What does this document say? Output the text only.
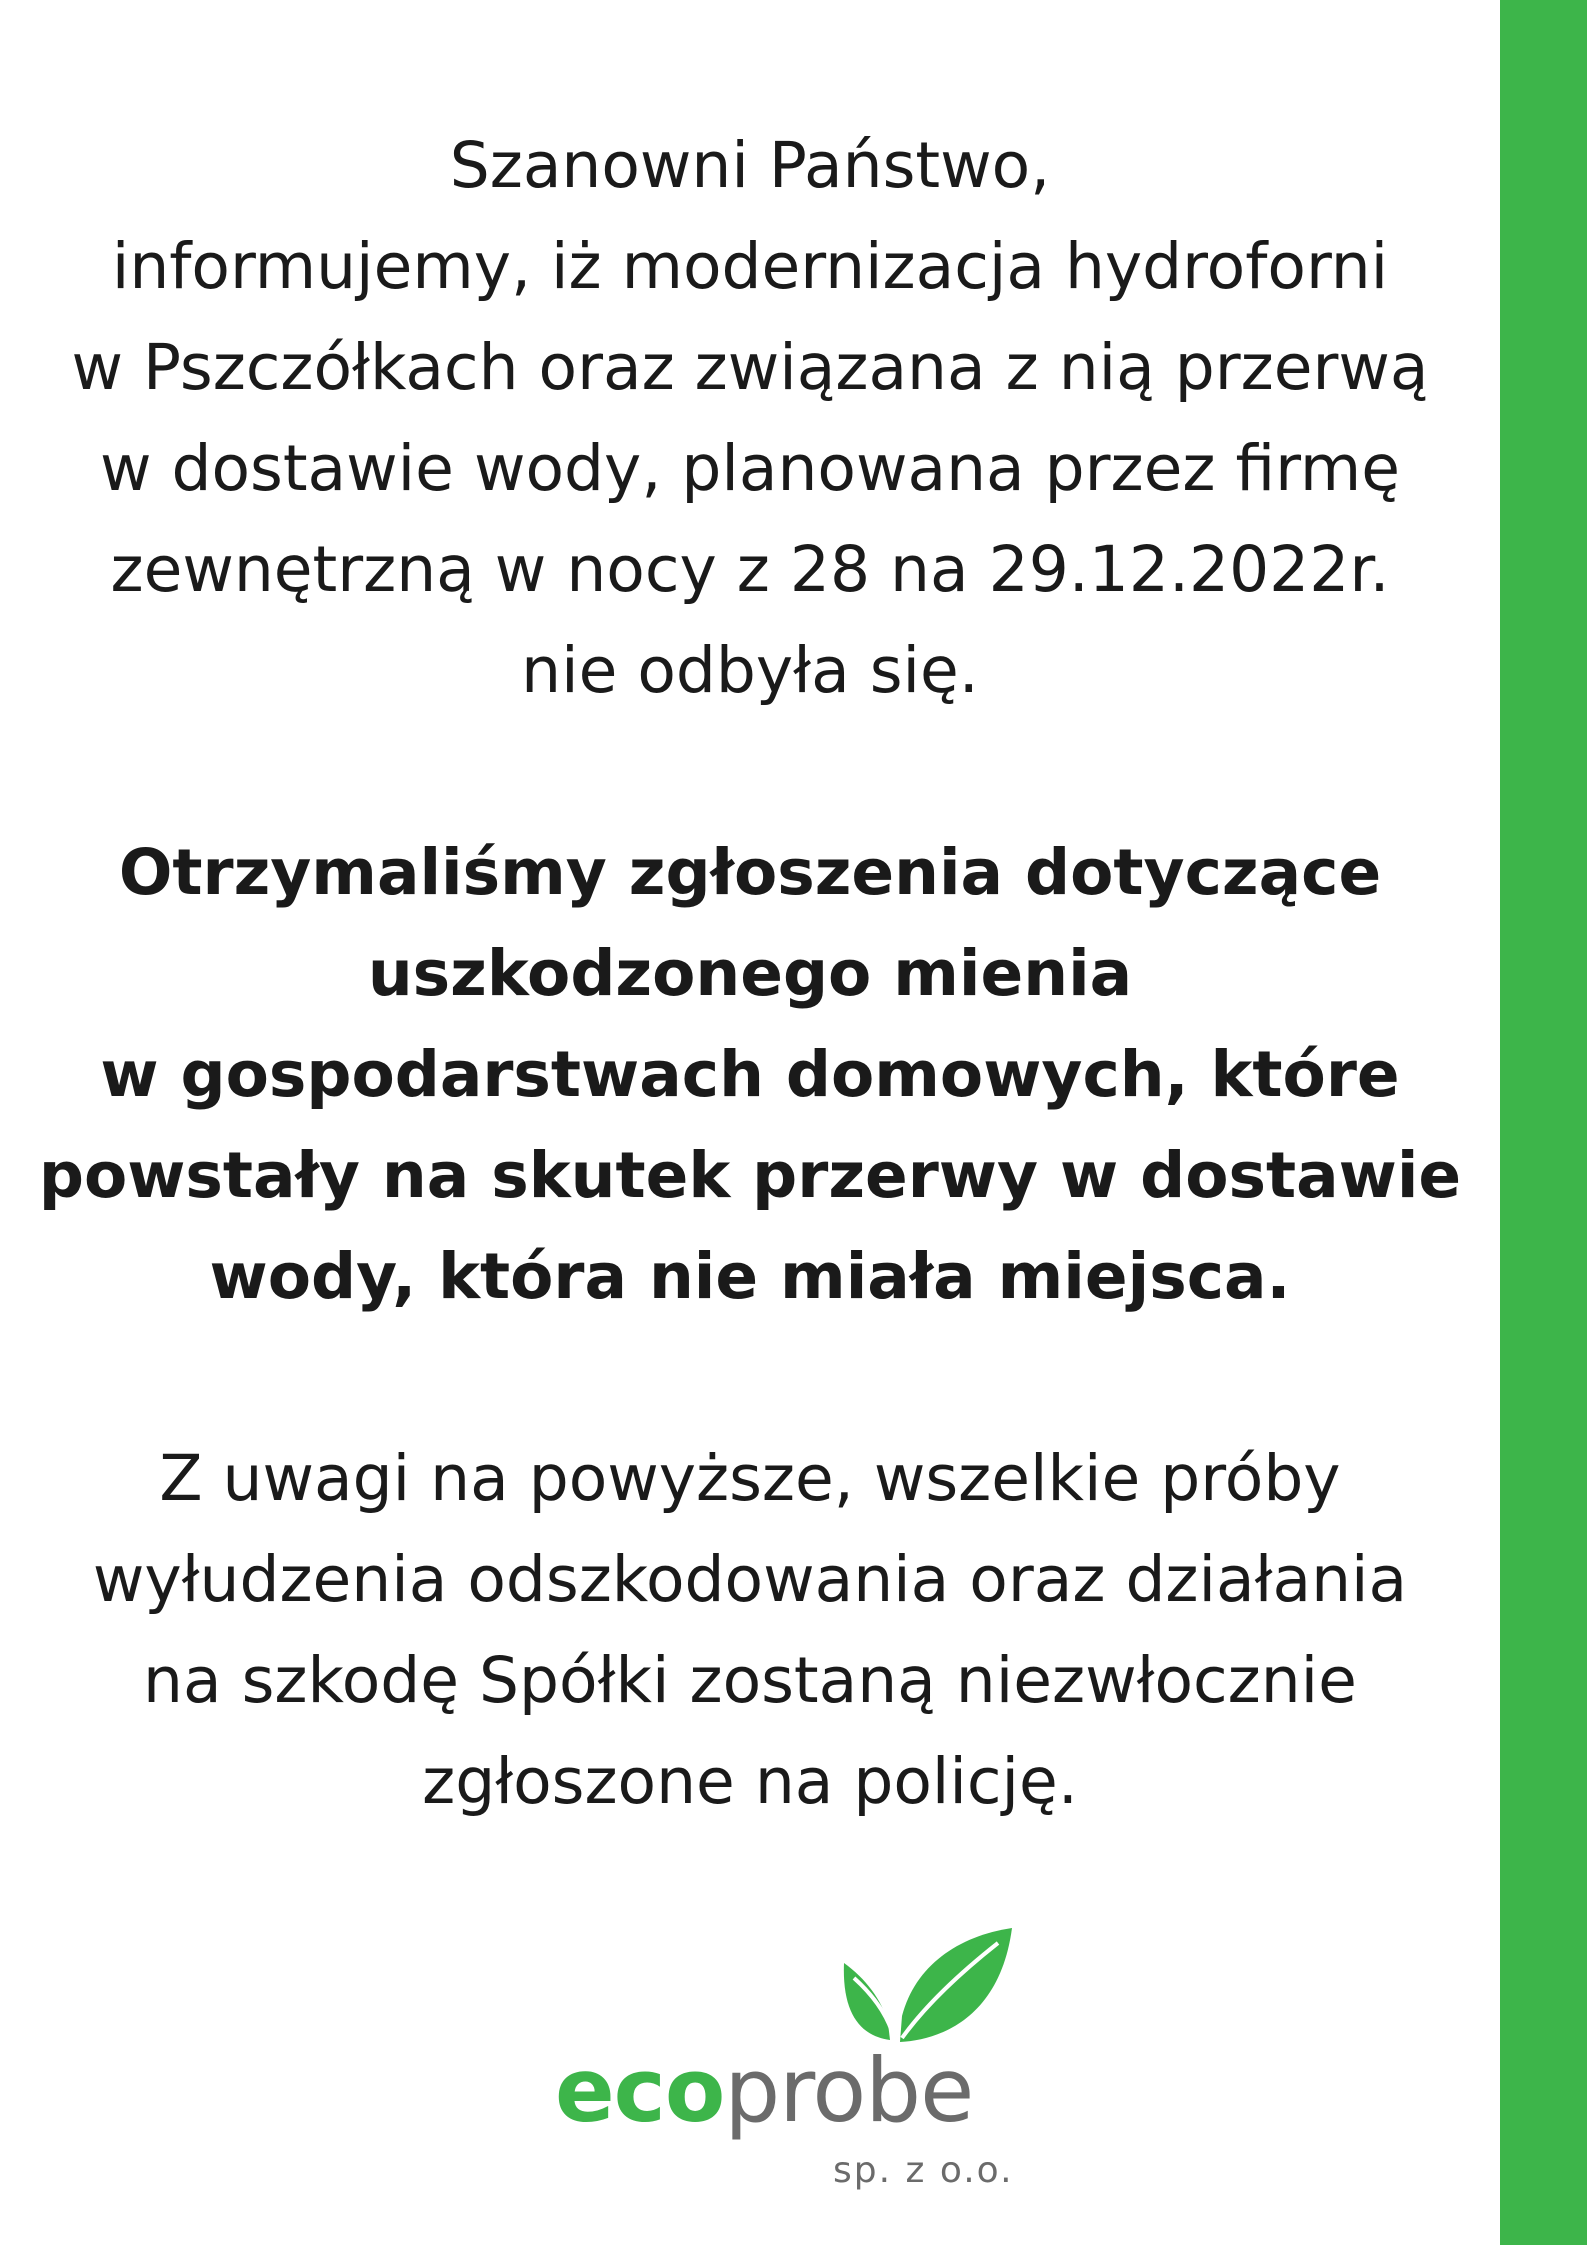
Szanowni Państwo,
informujemy, iż modernizacja hydroforni
w Pszczółkach oraz związana z nią przerwą
w dostawie wody, planowana przez firmę
zewnętrzną w nocy z 28 na 29.12.2022r.
nie odbyła się.
Otrzymaliśmy zgłoszenia dotyczące
uszkodzonego mienia
w gospodarstwach domowych, które
powstały na skutek przerwy w dostawie
wody, która nie miała miejsca.
Z uwagi na powyższe, wszelkie próby
wyłudzenia odszkodowania oraz działania
na szkodę Spółki zostaną niezwłocznie
zgłoszone na policję.
ecoprobe
sp. z o.o.
